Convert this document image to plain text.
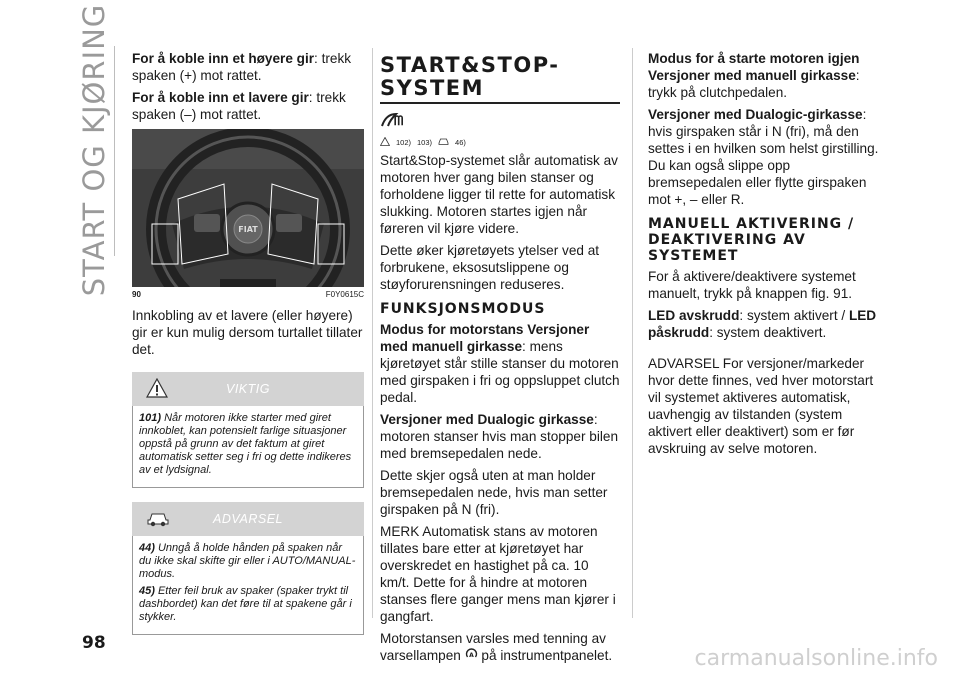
START OG KJØRING For å koble inn et høyere gir: trekk spaken (+) mot rattet.

For å koble inn et lavere gir: trekk spaken (–) mot rattet.

FIAT
90	F0Y0615C

Innkobling av et lavere (eller høyere) gir er kun mulig dersom turtallet tillater det.

VIKTIG

101) Når motoren ikke starter med giret innkoblet, kan potensielt farlige situasjoner oppstå på grunn av det faktum at giret automatisk setter seg i fri og dette indikeres av et lydsignal.

ADVARSEL

44) Unngå å holde hånden på spaken når du ikke skal skifte gir eller i AUTO/MANUAL-modus.

45) Etter feil bruk av spaker (spaker trykt til dashbordet) kan det føre til at spakene går i stykker.

START&STOP-SYSTEM
ᗰ
102) 103)	46)

Start&Stop-systemet slår automatisk av motoren hver gang bilen stanser og forholdene ligger til rette for automatisk slukking. Motoren startes igjen når føreren vil kjøre videre.

Dette øker kjøretøyets ytelser ved at forbrukene, eksosutslippene og støyforurensningen reduseres.

FUNKSJONSMODUS

Modus for motorstans Versjoner med manuell girkasse: mens kjøretøyet står stille stanser du motoren med girspaken i fri og oppsluppet clutch pedal.

Versjoner med Dualogic girkasse: motoren stanser hvis man stopper bilen med bremsepedalen nede.

Dette skjer også uten at man holder bremsepedalen nede, hvis man setter girspaken på N (fri).

MERK Automatisk stans av motoren tillates bare etter at kjøretøyet har overskredet en hastighet på ca. 10 km/t. Dette for å hindre at motoren stanses flere ganger mens man kjører i gangfart.

Motorstansen varsles med tenning av varsellampen A på instrumentpanelet.

Modus for å starte motoren igjen Versjoner med manuell girkasse: trykk på clutchpedalen.

Versjoner med Dualogic-girkasse: hvis girspaken står i N (fri), må den settes i en hvilken som helst girstilling. Du kan også slippe opp bremsepedalen eller flytte girspaken mot +, – eller R.

MANUELL AKTIVERING / DEAKTIVERING AV SYSTEMET

For å aktivere/deaktivere systemet manuelt, trykk på knappen fig. 91.

LED avskrudd: system aktivert / LED påskrudd: system deaktivert.

ADVARSEL For versjoner/markeder hvor dette finnes, ved hver motorstart vil systemet aktiveres automatisk, uavhengig av tilstanden (system aktivert eller deaktivert) som er før avskruing av selve motoren.

98
carmanualsonline.info
